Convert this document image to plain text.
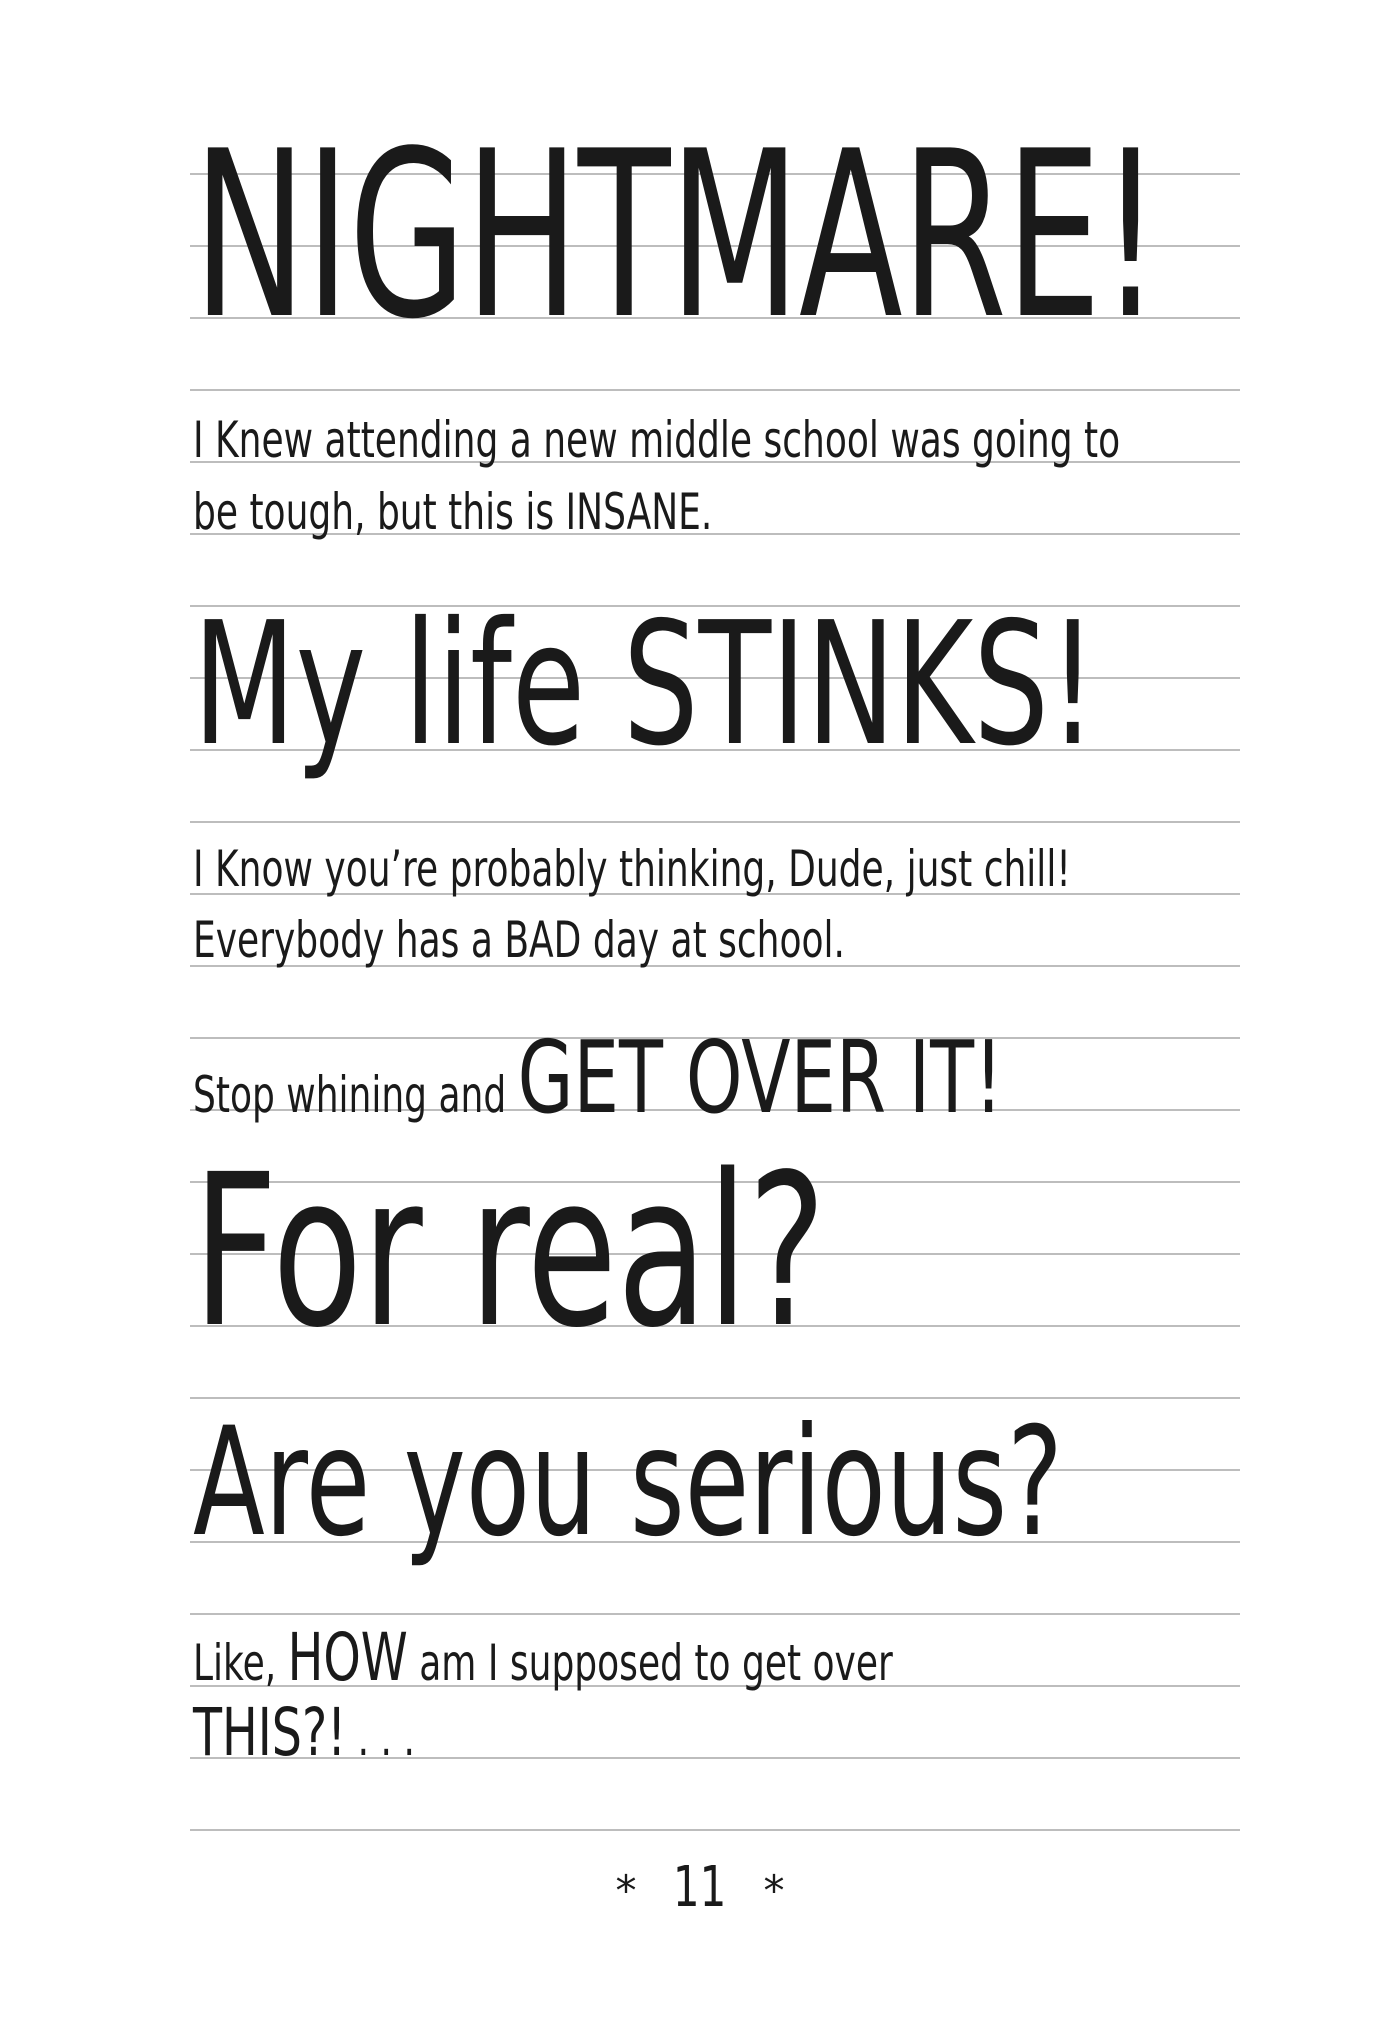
NIGHTMARE!
I Knew attending a new middle school was going to
be tough, but this is INSANE.
My life STINKS!
I Know you’re probably thinking, Dude, just chill!
Everybody has a BAD day at school.
Stop whining and GET OVER IT!
For real?
Are you serious?
Like, HOW am I supposed to get over
THIS?! . . .
* 11 *
